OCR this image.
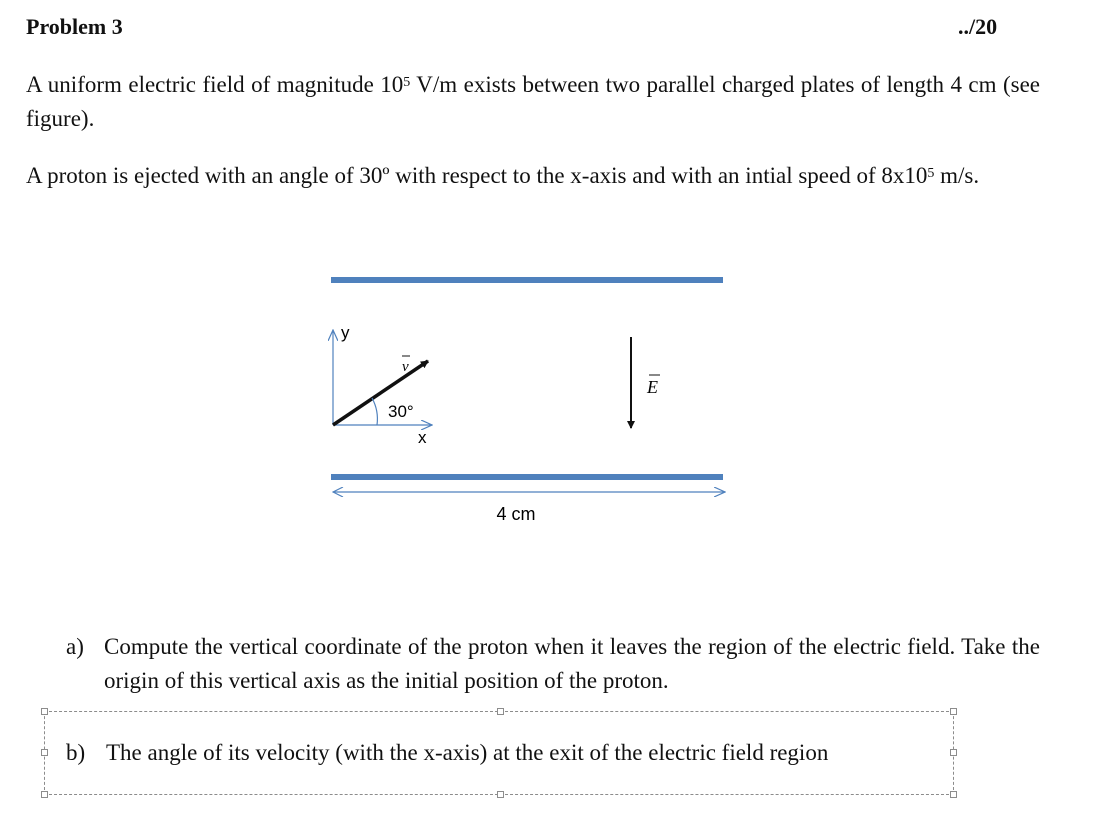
Problem 3	../20
A uniform electric field of magnitude $10^5$ V/m exists between two parallel charged plates of length 4 cm (see figure).
A proton is ejected with an angle of 30º with respect to the x-axis and with an intial speed of $8x10^5$ m/s.
4 cm
y
x
v
30°
E
a) Compute the vertical coordinate of the proton when it leaves the region of the electric field. Take the origin of this vertical axis as the initial position of the proton.
b) The angle of its velocity (with the x-axis) at the exit of the electric field region
